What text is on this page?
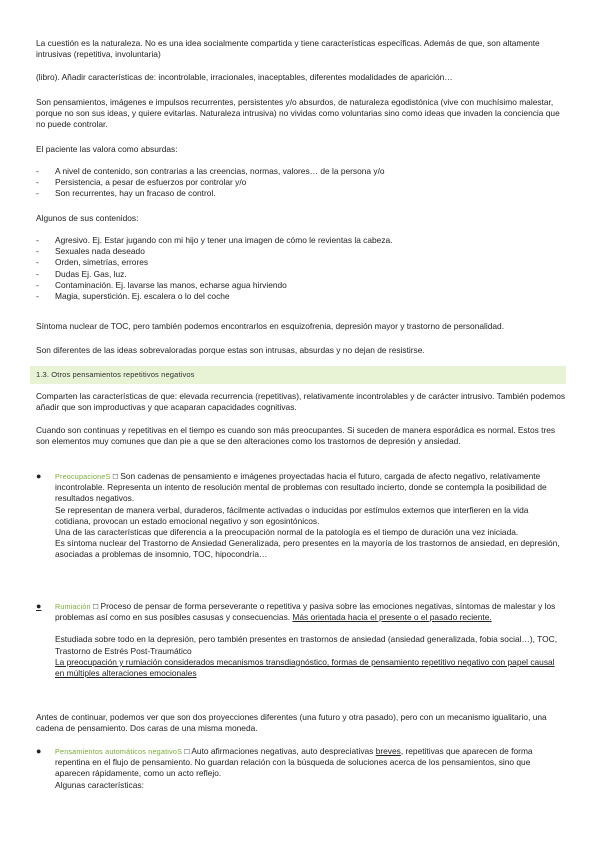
La cuestión es la naturaleza. No es una idea socialmente compartida y tiene características específicas. Además de que, son altamente intrusivas (repetitiva, involuntaria)

(libro). Añadir características de: incontrolable, irracionales, inaceptables, diferentes modalidades de aparición…

Son pensamientos, imágenes e impulsos recurrentes, persistentes y/o absurdos, de naturaleza egodistónica (vive con muchísimo malestar, porque no son sus ideas, y quiere evitarlas. Naturaleza intrusiva) no vividas como voluntarias sino como ideas que invaden la conciencia que no puede controlar.

El paciente las valora como absurdas:

- A nivel de contenido, son contrarias a las creencias, normas, valores… de la persona y/o
- Persistencia, a pesar de esfuerzos por controlar y/o
- Son recurrentes, hay un fracaso de control.

Algunos de sus contenidos:

- Agresivo. Ej. Estar jugando con mi hijo y tener una imagen de cómo le revientas la cabeza.
- Sexuales nada deseado
- Orden, simetrías, errores
- Dudas Ej. Gas, luz.
- Contaminación. Ej. lavarse las manos, echarse agua hirviendo
- Magia, superstición. Ej. escalera o lo del coche

Síntoma nuclear de TOC, pero también podemos encontrarlos en esquizofrenia, depresión mayor y trastorno de personalidad.

Son diferentes de las ideas sobrevaloradas porque estas son intrusas, absurdas y no dejan de resistirse.

1.3. Otros pensamientos repetitivos negativos

Comparten las características de que: elevada recurrencia (repetitivas), relativamente incontrolables y de carácter intrusivo. También podemos añadir que son improductivas y que acaparan capacidades cognitivas.

Cuando son continuas y repetitivas en el tiempo es cuando son más preocupantes. Si suceden de manera esporádica es normal. Estos tres son elementos muy comunes que dan pie a que se den alteraciones como los trastornos de depresión y ansiedad.

● PreocupacioneS □ Son cadenas de pensamiento e imágenes proyectadas hacia el futuro, cargada de afecto negativo, relativamente incontrolable. Representa un intento de resolución mental de problemas con resultado incierto, donde se contempla la posibilidad de resultados negativos.
Se representan de manera verbal, duraderos, fácilmente activadas o inducidas por estímulos externos que interfieren en la vida cotidiana, provocan un estado emocional negativo y son egosintónicos.
Una de las características que diferencia a la preocupación normal de la patología es el tiempo de duración una vez iniciada.
Es síntoma nuclear del Trastorno de Ansiedad Generalizada, pero presentes en la mayoría de los trastornos de ansiedad, en depresión, asociadas a problemas de insomnio, TOC, hipocondría…
● Rumiación □ Proceso de pensar de forma perseverante o repetitiva y pasiva sobre las emociones negativas, síntomas de malestar y los problemas así como en sus posibles casusas y consecuencias. Más orientada hacia el presente o el pasado reciente.
Estudiada sobre todo en la depresión, pero también presentes en trastornos de ansiedad (ansiedad generalizada, fobia social…), TOC, Trastorno de Estrés Post-Traumático
La preocupación y rumiación considerados mecanismos transdiagnóstico, formas de pensamiento repetitivo negativo con papel causal en múltiples alteraciones emocionales

Antes de continuar, podemos ver que son dos proyecciones diferentes (una futuro y otra pasado), pero con un mecanismo igualitario, una cadena de pensamiento. Dos caras de una misma moneda.

● Pensamientos automáticos negativoS □ Auto afirmaciones negativas, auto despreciativas breves, repetitivas que aparecen de forma repentina en el flujo de pensamiento. No guardan relación con la búsqueda de soluciones acerca de los pensamientos, sino que aparecen rápidamente, como un acto reflejo.
Algunas características:
